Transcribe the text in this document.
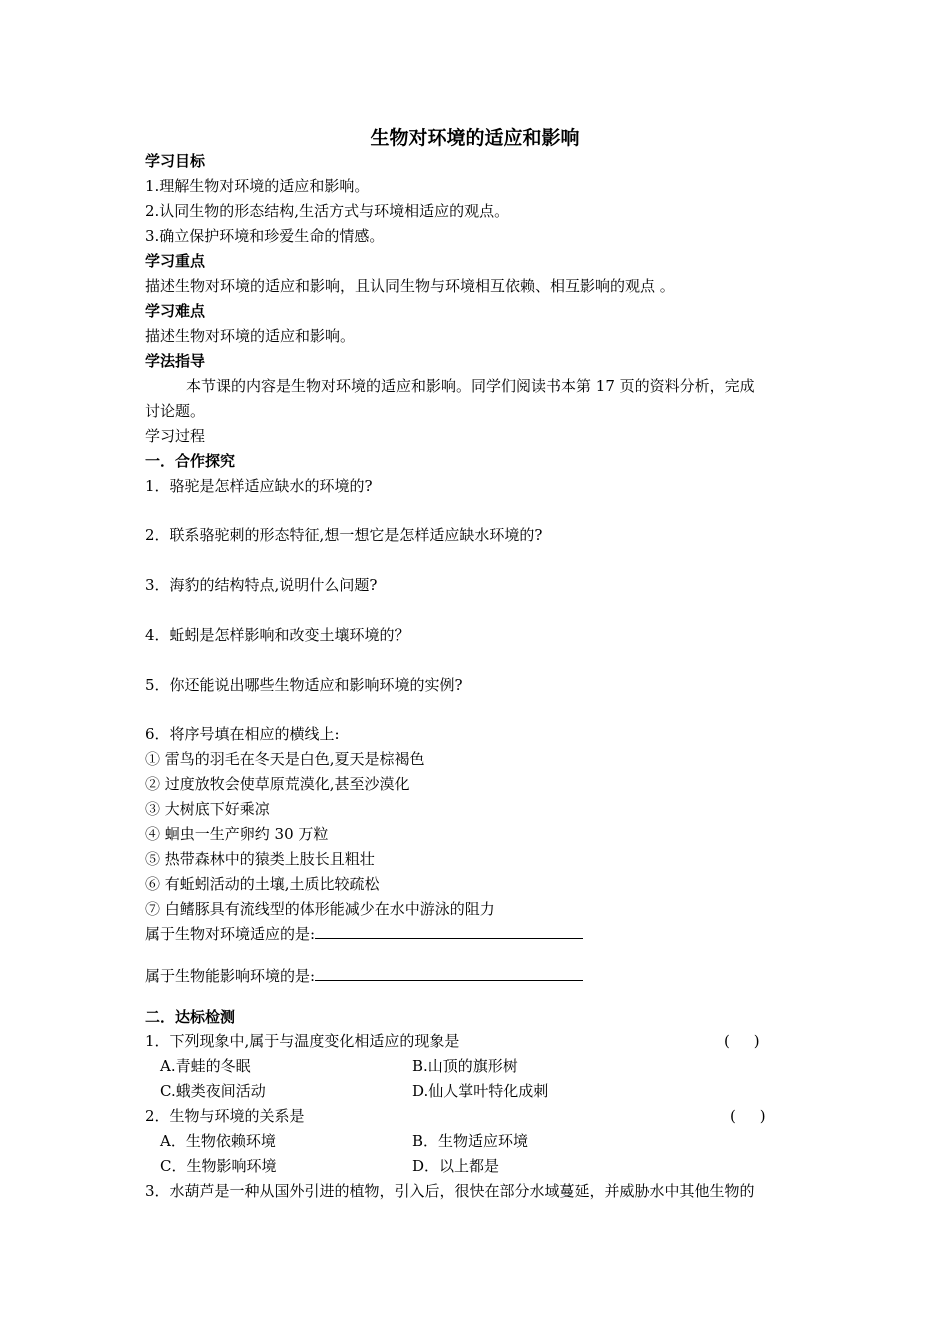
生物对环境的适应和影响
学习目标
1.理解生物对环境的适应和影响。
2.认同生物的形态结构,生活方式与环境相适应的观点。
3.确立保护环境和珍爱生命的情感。
学习重点
描述生物对环境的适应和影响，且认同生物与环境相互依赖、相互影响的观点 。
学习难点
描述生物对环境的适应和影响。
学法指导
本节课的内容是生物对环境的适应和影响。同学们阅读书本第 17 页的资料分析，完成
讨论题。
学习过程
一．合作探究
1．骆驼是怎样适应缺水的环境的?
2．联系骆驼刺的形态特征,想一想它是怎样适应缺水环境的?
3．海豹的结构特点,说明什么问题?
4．蚯蚓是怎样影响和改变土壤环境的？
5．你还能说出哪些生物适应和影响环境的实例?
6．将序号填在相应的横线上:
① 雷鸟的羽毛在冬天是白色,夏天是棕褐色
② 过度放牧会使草原荒漠化,甚至沙漠化
③ 大树底下好乘凉
④ 蛔虫一生产卵约 30 万粒
⑤ 热带森林中的猿类上肢长且粗壮
⑥ 有蚯蚓活动的土壤,土质比较疏松
⑦ 白鳍豚具有流线型的体形能减少在水中游泳的阻力
属于生物对环境适应的是:
属于生物能影响环境的是:
二．达标检测
1．下列现象中,属于与温度变化相适应的现象是	(     )
A.青蛙的冬眠	B.山顶的旗形树
C.蛾类夜间活动	D.仙人掌叶特化成刺
2．生物与环境的关系是	(     )
A．生物依赖环境	B．生物适应环境
C．生物影响环境	D．以上都是
3．水葫芦是一种从国外引进的植物，引入后，很快在部分水域蔓延，并威胁水中其他生物的
